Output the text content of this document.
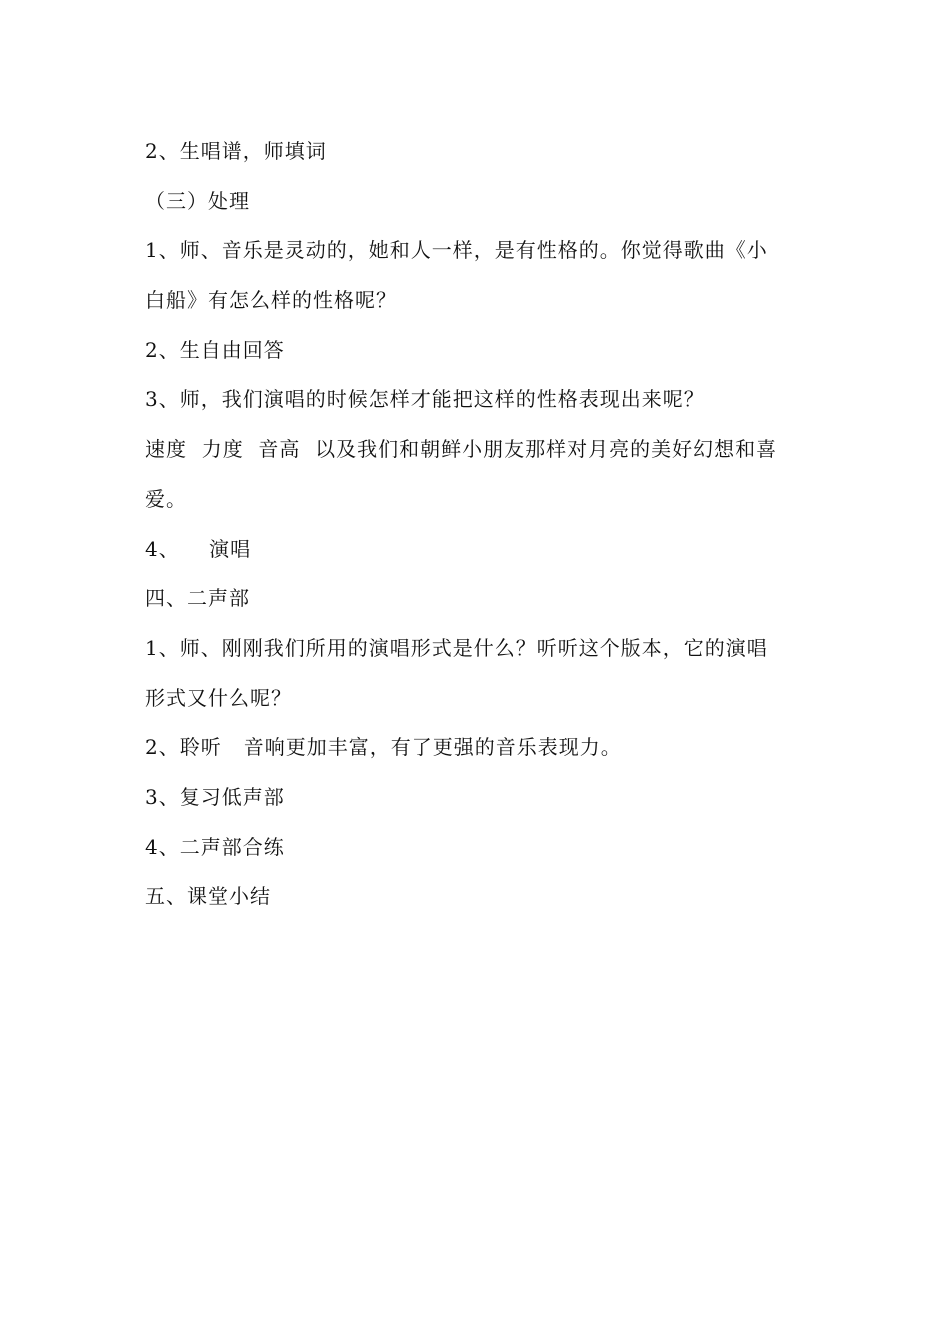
2、生唱谱，师填词

（三）处理

1、师、音乐是灵动的，她和人一样，是有性格的。你觉得歌曲《小

白船》有怎么样的性格呢？

2、生自由回答

3、师，我们演唱的时候怎样才能把这样的性格表现出来呢？

速度  力度  音高  以及我们和朝鲜小朋友那样对月亮的美好幻想和喜

爱。

4、    演唱

四、二声部

1、师、刚刚我们所用的演唱形式是什么？听听这个版本，它的演唱

形式又什么呢？

2、聆听   音响更加丰富，有了更强的音乐表现力。

3、复习低声部

4、二声部合练

五、课堂小结
